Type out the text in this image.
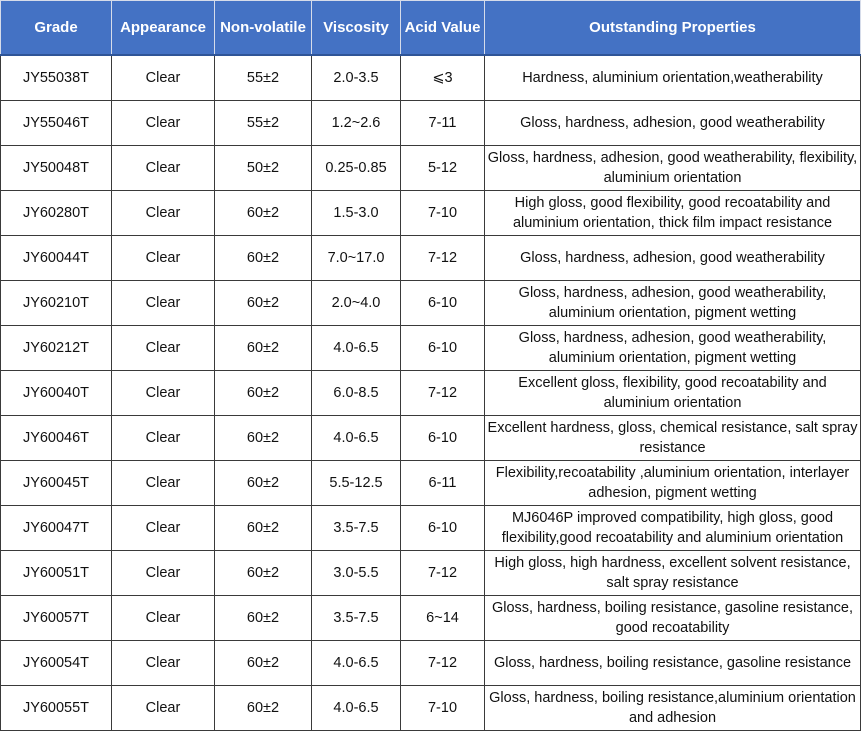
Grade	Appearance	Non-volatile	Viscosity	Acid Value	Outstanding Properties
JY55038T	Clear	55±2	2.0-3.5	⩽3	Hardness, aluminium orientation,weatherability
JY55046T	Clear	55±2	1.2~2.6	7-11	Gloss, hardness, adhesion, good weatherability
JY50048T	Clear	50±2	0.25-0.85	5-12	Gloss, hardness, adhesion, good weatherability, flexibility, aluminium orientation
JY60280T	Clear	60±2	1.5-3.0	7-10	High gloss, good flexibility, good recoatability and aluminium orientation, thick film impact resistance
JY60044T	Clear	60±2	7.0~17.0	7-12	Gloss, hardness, adhesion, good weatherability
JY60210T	Clear	60±2	2.0~4.0	6-10	Gloss, hardness, adhesion, good weatherability, aluminium orientation, pigment wetting
JY60212T	Clear	60±2	4.0-6.5	6-10	Gloss, hardness, adhesion, good weatherability, aluminium orientation, pigment wetting
JY60040T	Clear	60±2	6.0-8.5	7-12	Excellent gloss, flexibility, good recoatability and aluminium orientation
JY60046T	Clear	60±2	4.0-6.5	6-10	Excellent hardness, gloss, chemical resistance, salt spray resistance
JY60045T	Clear	60±2	5.5-12.5	6-11	Flexibility,recoatability ,aluminium orientation, interlayer adhesion, pigment wetting
JY60047T	Clear	60±2	3.5-7.5	6-10	MJ6046P improved compatibility, high gloss, good flexibility,good recoatability and aluminium orientation
JY60051T	Clear	60±2	3.0-5.5	7-12	High gloss, high hardness, excellent solvent resistance, salt spray resistance
JY60057T	Clear	60±2	3.5-7.5	6~14	Gloss, hardness, boiling resistance, gasoline resistance, good recoatability
JY60054T	Clear	60±2	4.0-6.5	7-12	Gloss, hardness, boiling resistance, gasoline resistance
JY60055T	Clear	60±2	4.0-6.5	7-10	Gloss, hardness, boiling resistance,aluminium orientation and adhesion
